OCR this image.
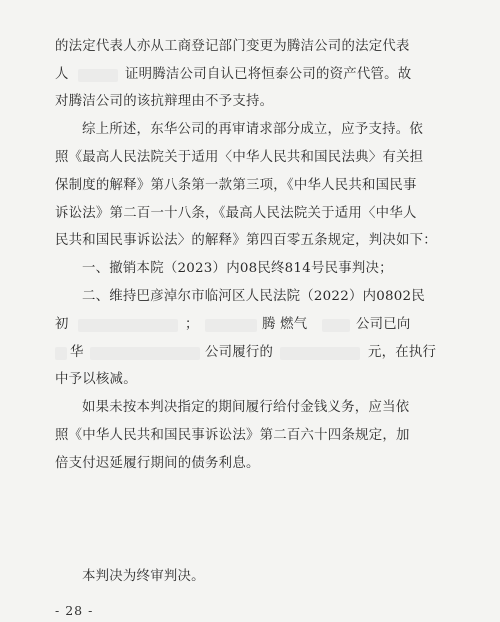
的法定代表人亦从工商登记部门变更为腾洁公司的法定代表
人	证明腾洁公司自认已将恒泰公司的资产代管。故
对腾洁公司的该抗辩理由不予支持。
综上所述，东华公司的再审请求部分成立，应予支持。依
照《最高人民法院关于适用〈中华人民共和国民法典〉有关担
保制度的解释》第八条第一款第三项，《中华人民共和国民事
诉讼法》第二百一十八条，《最高人民法院关于适用〈中华人
民共和国民事诉讼法〉的解释》第四百零五条规定，判决如下：
一、撤销本院（2023）内08民终814号民事判决；
二、维持巴彦淖尔市临河区人民法院（2022）内0802民
初	；	腾 燃气	公司已向
华	公司履行的	元，在执行
中予以核减。
如果未按本判决指定的期间履行给付金钱义务，应当依
照《中华人民共和国民事诉讼法》第二百六十四条规定，加
倍支付迟延履行期间的债务利息。
本判决为终审判决。
- 28 -
